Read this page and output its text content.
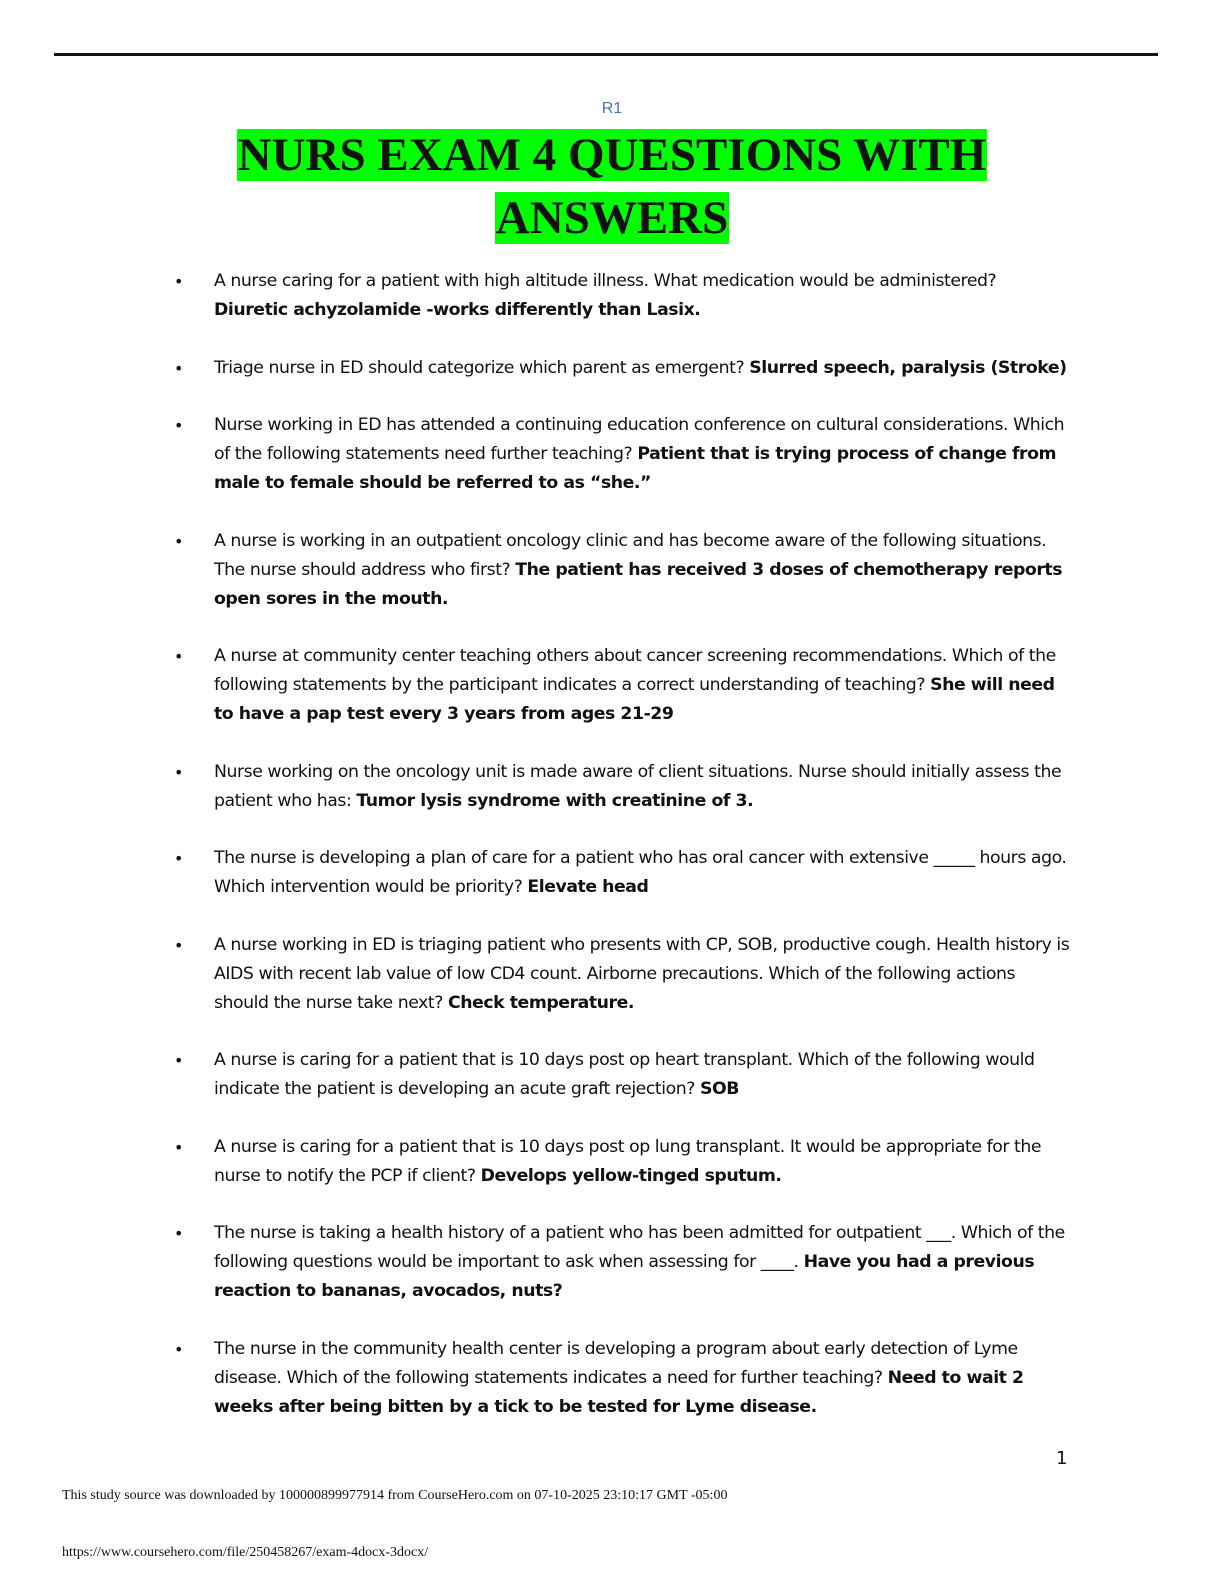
R1
NURS EXAM 4 QUESTIONS WITH
ANSWERS
• A nurse caring for a patient with high altitude illness. What medication would be administered? Diuretic achyzolamide -works differently than Lasix.
• Triage nurse in ED should categorize which parent as emergent? Slurred speech, paralysis (Stroke)
• Nurse working in ED has attended a continuing education conference on cultural considerations. Which of the following statements need further teaching? Patient that is trying process of change from male to female should be referred to as “she.”
• A nurse is working in an outpatient oncology clinic and has become aware of the following situations. The nurse should address who first? The patient has received 3 doses of chemotherapy reports open sores in the mouth.
• A nurse at community center teaching others about cancer screening recommendations. Which of the following statements by the participant indicates a correct understanding of teaching? She will need to have a pap test every 3 years from ages 21-29
• Nurse working on the oncology unit is made aware of client situations. Nurse should initially assess the patient who has: Tumor lysis syndrome with creatinine of 3.
• The nurse is developing a plan of care for a patient who has oral cancer with extensive _____ hours ago. Which intervention would be priority? Elevate head
• A nurse working in ED is triaging patient who presents with CP, SOB, productive cough. Health history is AIDS with recent lab value of low CD4 count. Airborne precautions. Which of the following actions should the nurse take next? Check temperature.
• A nurse is caring for a patient that is 10 days post op heart transplant. Which of the following would indicate the patient is developing an acute graft rejection? SOB
• A nurse is caring for a patient that is 10 days post op lung transplant. It would be appropriate for the nurse to notify the PCP if client? Develops yellow-tinged sputum.
• The nurse is taking a health history of a patient who has been admitted for outpatient ___. Which of the following questions would be important to ask when assessing for ____. Have you had a previous reaction to bananas, avocados, nuts?
• The nurse in the community health center is developing a program about early detection of Lyme disease. Which of the following statements indicates a need for further teaching? Need to wait 2 weeks after being bitten by a tick to be tested for Lyme disease.
1
This study source was downloaded by 100000899977914 from CourseHero.com on 07-10-2025 23:10:17 GMT -05:00
https://www.coursehero.com/file/250458267/exam-4docx-3docx/
